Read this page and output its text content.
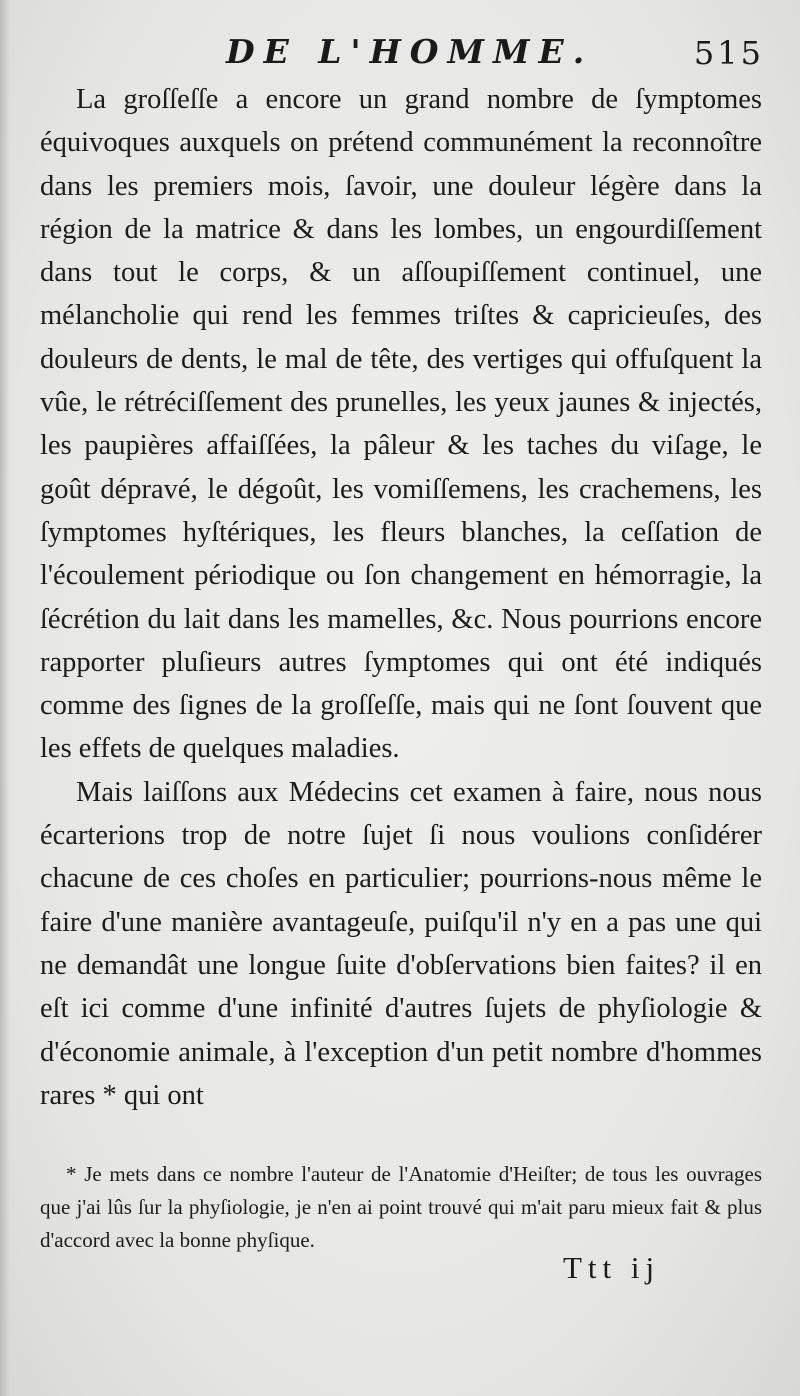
DE L'HOMME.	515

La groſſeſſe a encore un grand nombre de ſymptomes équivoques auxquels on prétend communément la reconnoître dans les premiers mois, ſavoir, une douleur légère dans la région de la matrice & dans les lombes, un engourdiſſement dans tout le corps, & un aſſoupiſſement continuel, une mélancholie qui rend les femmes triſtes & capricieuſes, des douleurs de dents, le mal de tête, des vertiges qui offuſquent la vûe, le rétréciſſement des prunelles, les yeux jaunes & injectés, les paupières affaiſſées, la pâleur & les taches du viſage, le goût dépravé, le dégoût, les vomiſſemens, les crachemens, les ſymptomes hyſtériques, les fleurs blanches, la ceſſation de l'écoulement périodique ou ſon changement en hémorragie, la ſécrétion du lait dans les mamelles, &c. Nous pourrions encore rapporter pluſieurs autres ſymptomes qui ont été indiqués comme des ſignes de la groſſeſſe, mais qui ne ſont ſouvent que les effets de quelques maladies.

Mais laiſſons aux Médecins cet examen à faire, nous nous écarterions trop de notre ſujet ſi nous voulions conſidérer chacune de ces choſes en particulier; pourrions-nous même le faire d'une manière avantageuſe, puiſqu'il n'y en a pas une qui ne demandât une longue ſuite d'obſervations bien faites? il en eſt ici comme d'une infinité d'autres ſujets de phyſiologie & d'économie animale, à l'exception d'un petit nombre d'hommes rares * qui ont

* Je mets dans ce nombre l'auteur de l'Anatomie d'Heiſter; de tous les ouvrages que j'ai lûs ſur la phyſiologie, je n'en ai point trouvé qui m'ait paru mieux fait & plus d'accord avec la bonne phyſique.

Ttt ij
